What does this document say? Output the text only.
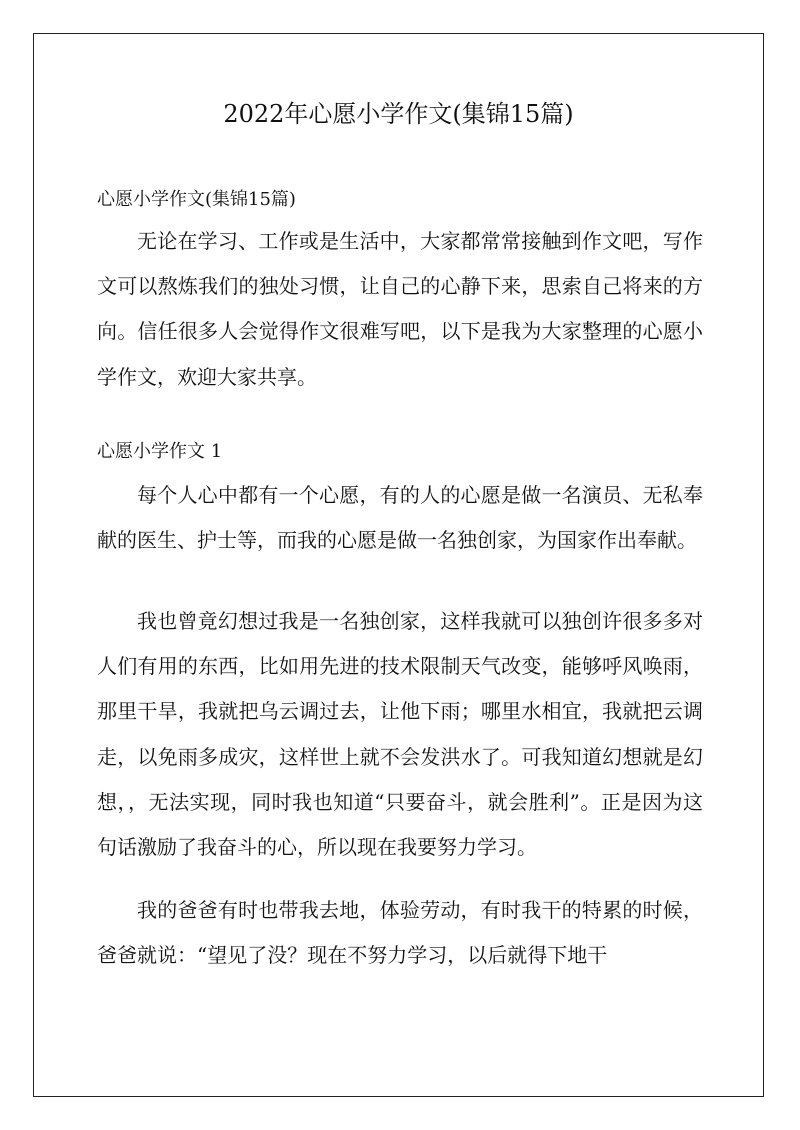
2022年心愿小学作文(集锦15篇)
心愿小学作文(集锦15篇)

无论在学习、工作或是生活中，大家都常常接触到作文吧，写作文可以熬炼我们的独处习惯，让自己的心静下来，思索自己将来的方向。信任很多人会觉得作文很难写吧，以下是我为大家整理的心愿小学作文，欢迎大家共享。

心愿小学作文 1

每个人心中都有一个心愿，有的人的心愿是做一名演员、无私奉献的医生、护士等，而我的心愿是做一名独创家，为国家作出奉献。

我也曾竟幻想过我是一名独创家，这样我就可以独创许很多多对人们有用的东西，比如用先进的技术限制天气改变，能够呼风唤雨，那里干旱，我就把乌云调过去，让他下雨；哪里水相宜，我就把云调走，以免雨多成灾，这样世上就不会发洪水了。可我知道幻想就是幻想，，无法实现，同时我也知道“只要奋斗，就会胜利”。正是因为这句话激励了我奋斗的心，所以现在我要努力学习。

我的爸爸有时也带我去地，体验劳动，有时我干的特累的时候，爸爸就说：“望见了没？现在不努力学习，以后就得下地干
